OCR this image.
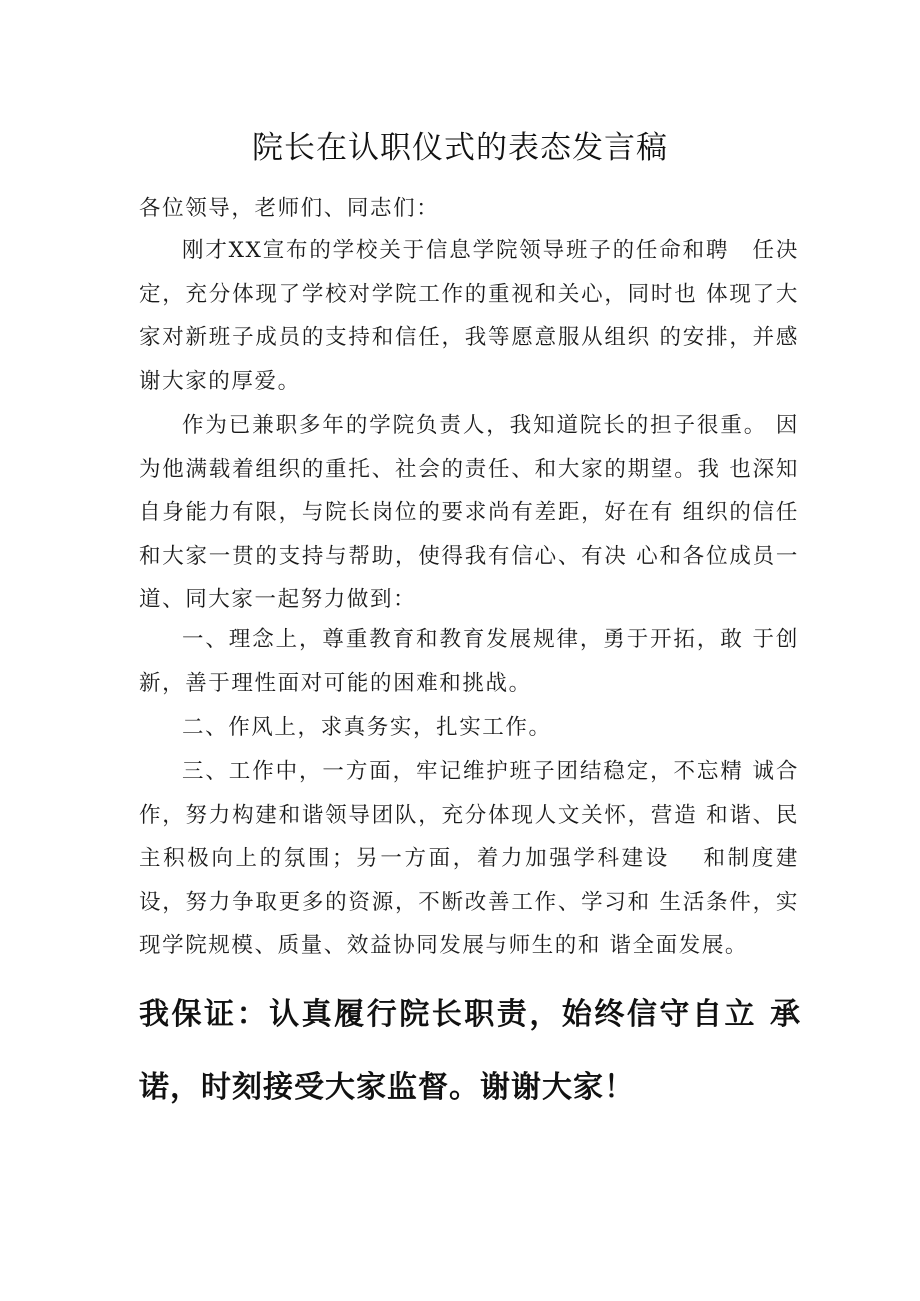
院长在认职仪式的表态发言稿
各位领导，老师们、同志们：
刚才XX宣布的学校关于信息学院领导班子的任命和聘　任决定，充分体现了学校对学院工作的重视和关心，同时也 体现了大家对新班子成员的支持和信任，我等愿意服从组织 的安排，并感谢大家的厚爱。
作为已兼职多年的学院负责人，我知道院长的担子很重。 因为他满载着组织的重托、社会的责任、和大家的期望。我 也深知自身能力有限，与院长岗位的要求尚有差距，好在有 组织的信任和大家一贯的支持与帮助，使得我有信心、有决 心和各位成员一道、同大家一起努力做到：
一、理念上，尊重教育和教育发展规律，勇于开拓，敢 于创新，善于理性面对可能的困难和挑战。
二、作风上，求真务实，扎实工作。
三、工作中，一方面，牢记维护班子团结稳定，不忘精 诚合作，努力构建和谐领导团队，充分体现人文关怀，营造 和谐、民主积极向上的氛围；另一方面，着力加强学科建设　 和制度建设，努力争取更多的资源，不断改善工作、学习和 生活条件，实现学院规模、质量、效益协同发展与师生的和 谐全面发展。
我保证：认真履行院长职责，始终信守自立 承诺，时刻接受大家监督。谢谢大家！
